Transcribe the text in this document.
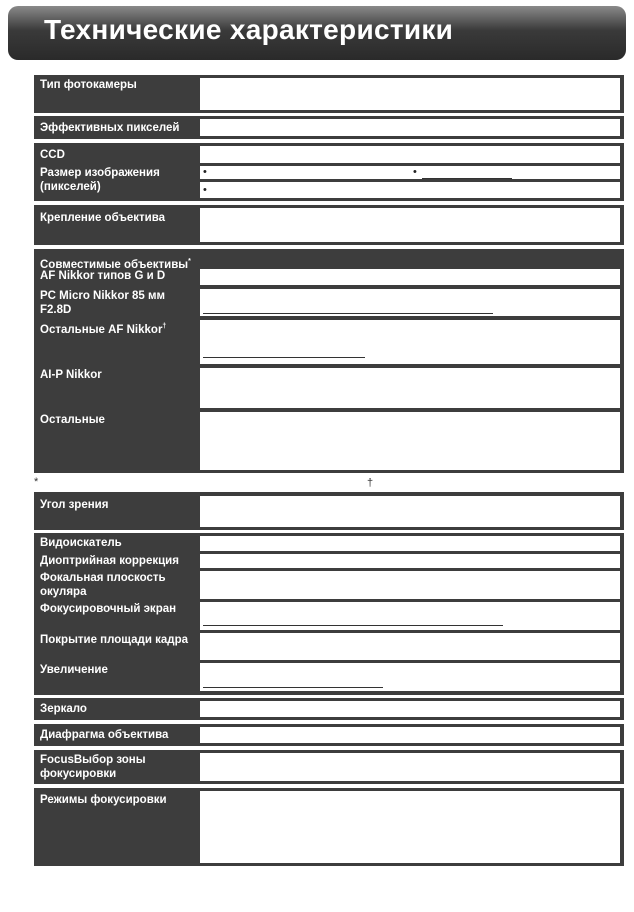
Технические характеристики
Тип фотокамеры
Эффективных пикселей
CCD
Размер изображения (пикселей)
•	•
•
Крепление объектива
Совместимые объективы*
AF Nikkor типов G и D
PC Micro Nikkor 85 мм F2.8D
Остальные AF Nikkor†
AI-P Nikkor
Остальные
*	†
Угол зрения
Видоискатель
Диоптрийная коррекция
Фокальная плоскость окуляра
Фокусировочный экран
Покрытие площади кадра
Увеличение
Зеркало
Диафрагма объектива
FocusВыбор зоны фокусировки
Режимы фокусировки
